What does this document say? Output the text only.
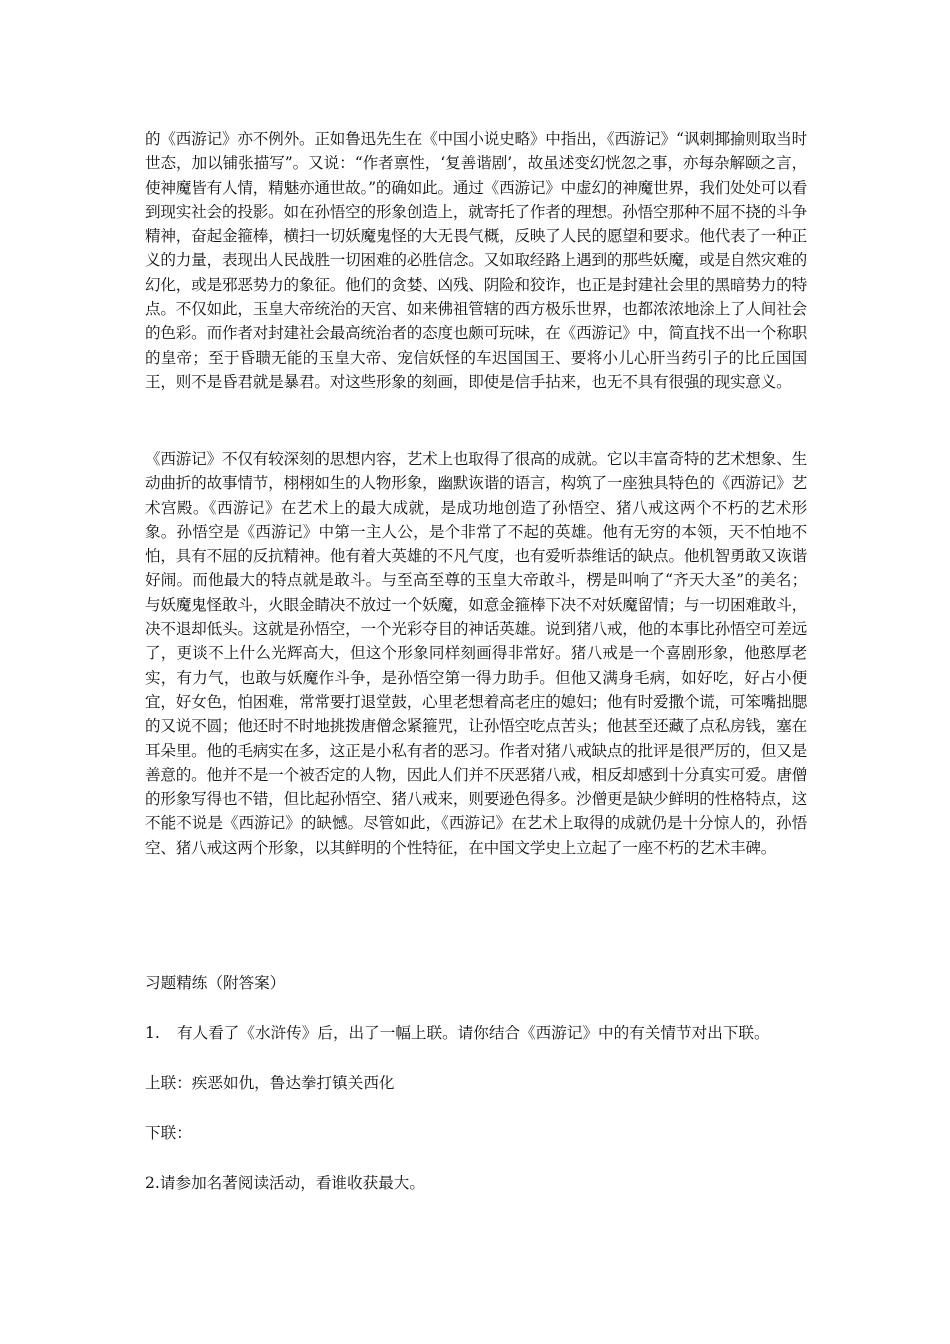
的《西游记》亦不例外。正如鲁迅先生在《中国小说史略》中指出，《西游记》“讽刺揶揄则取当时世态，加以铺张描写”。又说：“作者禀性，‘复善谐剧’，故虽述变幻恍忽之事，亦每杂解颐之言，使神魔皆有人情，精魅亦通世故。”的确如此。通过《西游记》中虚幻的神魔世界，我们处处可以看到现实社会的投影。如在孙悟空的形象创造上，就寄托了作者的理想。孙悟空那种不屈不挠的斗争精神，奋起金箍棒，横扫一切妖魔鬼怪的大无畏气概，反映了人民的愿望和要求。他代表了一种正义的力量，表现出人民战胜一切困难的必胜信念。又如取经路上遇到的那些妖魔，或是自然灾难的幻化，或是邪恶势力的象征。他们的贪婪、凶残、阴险和狡诈，也正是封建社会里的黑暗势力的特点。不仅如此，玉皇大帝统治的天宫、如来佛祖管辖的西方极乐世界，也都浓浓地涂上了人间社会的色彩。而作者对封建社会最高统治者的态度也颇可玩味，在《西游记》中，简直找不出一个称职的皇帝；至于昏聩无能的玉皇大帝、宠信妖怪的车迟国国王、要将小儿心肝当药引子的比丘国国王，则不是昏君就是暴君。对这些形象的刻画，即使是信手拈来，也无不具有很强的现实意义。

《西游记》不仅有较深刻的思想内容，艺术上也取得了很高的成就。它以丰富奇特的艺术想象、生动曲折的故事情节，栩栩如生的人物形象，幽默诙谐的语言，构筑了一座独具特色的《西游记》艺术宫殿。《西游记》在艺术上的最大成就，是成功地创造了孙悟空、猪八戒这两个不朽的艺术形象。孙悟空是《西游记》中第一主人公，是个非常了不起的英雄。他有无穷的本领，天不怕地不怕，具有不屈的反抗精神。他有着大英雄的不凡气度，也有爱听恭维话的缺点。他机智勇敢又诙谐好闹。而他最大的特点就是敢斗。与至高至尊的玉皇大帝敢斗，楞是叫响了“齐天大圣”的美名；与妖魔鬼怪敢斗，火眼金睛决不放过一个妖魔，如意金箍棒下决不对妖魔留情；与一切困难敢斗，决不退却低头。这就是孙悟空，一个光彩夺目的神话英雄。说到猪八戒，他的本事比孙悟空可差远了，更谈不上什么光辉高大，但这个形象同样刻画得非常好。猪八戒是一个喜剧形象，他憨厚老实，有力气，也敢与妖魔作斗争，是孙悟空第一得力助手。但他又满身毛病，如好吃，好占小便宜，好女色，怕困难，常常要打退堂鼓，心里老想着高老庄的媳妇；他有时爱撒个谎，可笨嘴拙腮的又说不圆；他还时不时地挑拨唐僧念紧箍咒，让孙悟空吃点苦头；他甚至还藏了点私房钱，塞在耳朵里。他的毛病实在多，这正是小私有者的恶习。作者对猪八戒缺点的批评是很严厉的，但又是善意的。他并不是一个被否定的人物，因此人们并不厌恶猪八戒，相反却感到十分真实可爱。唐僧的形象写得也不错，但比起孙悟空、猪八戒来，则要逊色得多。沙僧更是缺少鲜明的性格特点，这不能不说是《西游记》的缺憾。尽管如此，《西游记》在艺术上取得的成就仍是十分惊人的，孙悟空、猪八戒这两个形象，以其鲜明的个性特征，在中国文学史上立起了一座不朽的艺术丰碑。

习题精练（附答案）

1. 有人看了《水浒传》后，出了一幅上联。请你结合《西游记》中的有关情节对出下联。

上联：疾恶如仇，鲁达拳打镇关西化

下联：

2.请参加名著阅读活动，看谁收获最大。
